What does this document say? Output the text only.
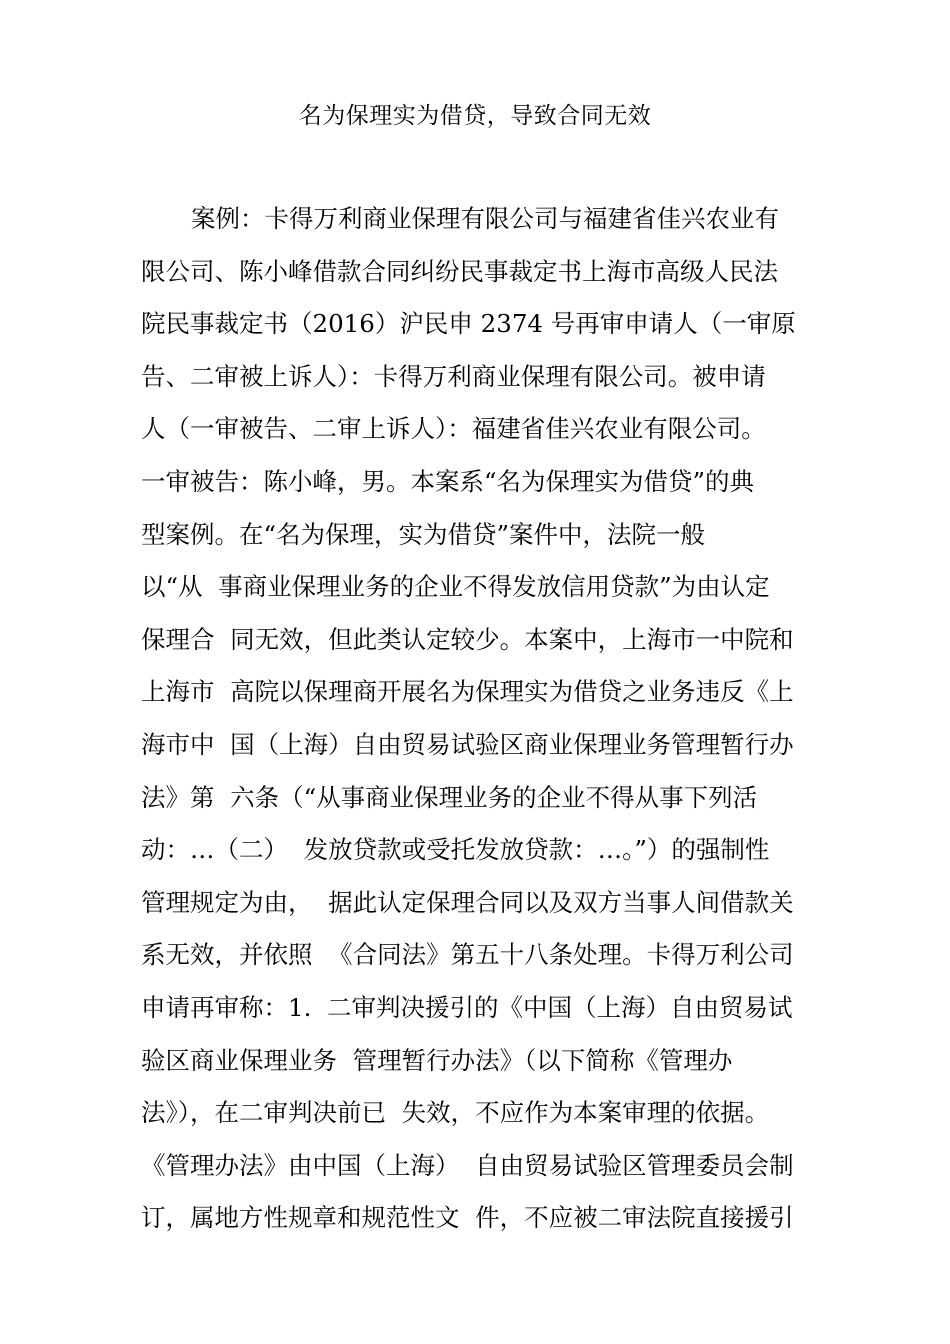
名为保理实为借贷，导致合同无效
案例：卡得万利商业保理有限公司与福建省佳兴农业有
限公司、陈小峰借款合同纠纷民事裁定书上海市高级人民法
院民事裁定书（2016）沪民申 2374 号再审申请人（一审原
告、二审被上诉人）：卡得万利商业保理有限公司。被申请
人（一审被告、二审上诉人）：福建省佳兴农业有限公司。
一审被告：陈小峰，男。本案系“名为保理实为借贷”的典
型案例。在“名为保理，实为借贷”案件中，法院一般
以“从  事商业保理业务的企业不得发放信用贷款”为由认定
保理合  同无效，但此类认定较少。本案中，上海市一中院和
上海市  高院以保理商开展名为保理实为借贷之业务违反《上
海市中  国（上海）自由贸易试验区商业保理业务管理暂行办
法》第  六条（“从事商业保理业务的企业不得从事下列活
动：…（二）  发放贷款或受托发放贷款：…。”）的强制性
管理规定为由，  据此认定保理合同以及双方当事人间借款关
系无效，并依照  《合同法》第五十八条处理。卡得万利公司
申请再审称：1.  二审判决援引的《中国（上海）自由贸易试
验区商业保理业务  管理暂行办法》（以下简称《管理办
法》），在二审判决前已  失效，不应作为本案审理的依据。
《管理办法》由中国（上海）  自由贸易试验区管理委员会制
订，属地方性规章和规范性文  件，不应被二审法院直接援引
